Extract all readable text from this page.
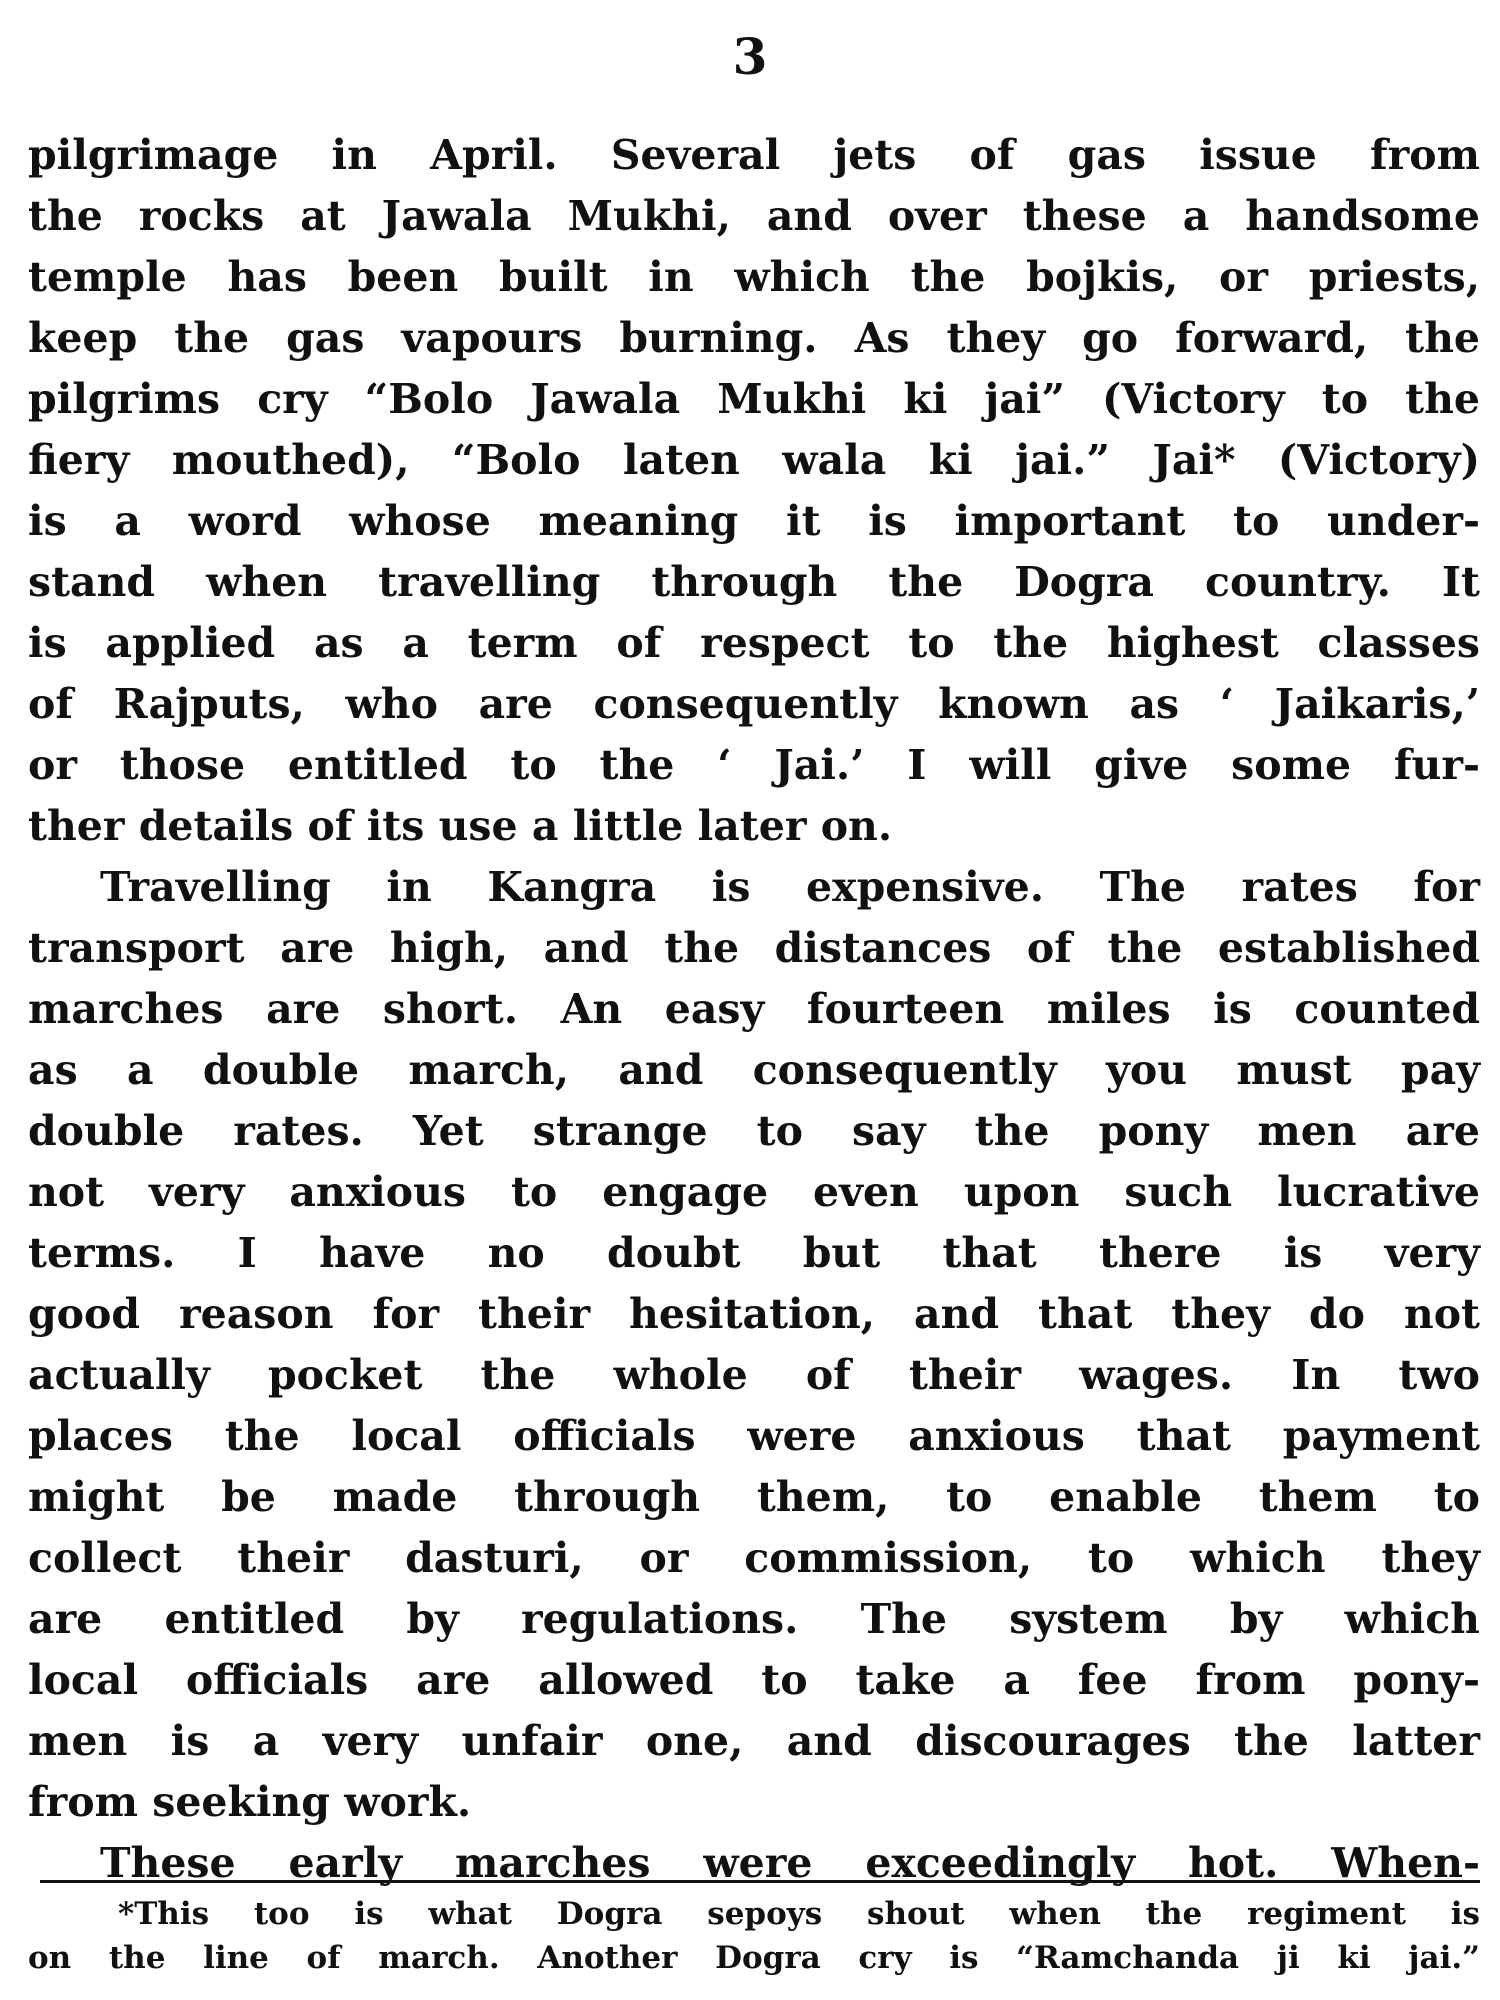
3
pilgrimage in April. Several jets of gas issue from
the rocks at Jawala Mukhi, and over these a handsome
temple has been built in which the bojkis, or priests,
keep the gas vapours burning. As they go forward, the
pilgrims cry “Bolo Jawala Mukhi ki jai” (Victory to the
fiery mouthed), “Bolo laten wala ki jai.” Jai* (Victory)
is a word whose meaning it is important to under-
stand when travelling through the Dogra country. It
is applied as a term of respect to the highest classes
of Rajputs, who are consequently known as ‘ Jaikaris,’
or those entitled to the ‘ Jai.’ I will give some fur-
ther details of its use a little later on.
Travelling in Kangra is expensive. The rates for
transport are high, and the distances of the established
marches are short. An easy fourteen miles is counted
as a double march, and consequently you must pay
double rates. Yet strange to say the pony men are
not very anxious to engage even upon such lucrative
terms. I have no doubt but that there is very
good reason for their hesitation, and that they do not
actually pocket the whole of their wages. In two
places the local officials were anxious that payment
might be made through them, to enable them to
collect their dasturi, or commission, to which they
are entitled by regulations. The system by which
local officials are allowed to take a fee from pony-
men is a very unfair one, and discourages the latter
from seeking work.
These early marches were exceedingly hot. When-
*This too is what Dogra sepoys shout when the regiment is
on the line of march. Another Dogra cry is “Ramchanda ji ki jai.”
